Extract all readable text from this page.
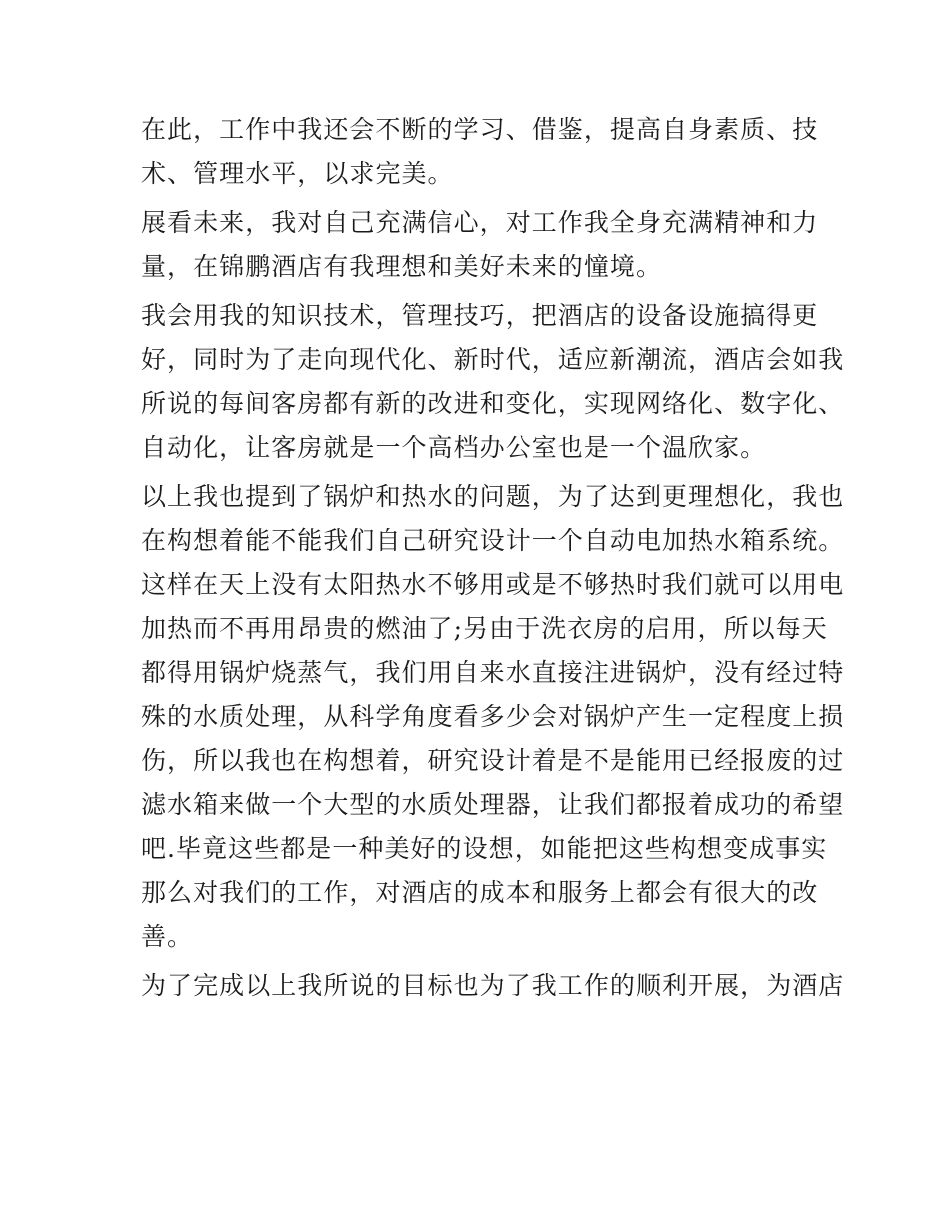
在此，工作中我还会不断的学习、借鉴，提高自身素质、技
术、管理水平，以求完美。
展看未来，我对自己充满信心，对工作我全身充满精神和力
量，在锦鹏酒店有我理想和美好未来的憧境。
我会用我的知识技术，管理技巧，把酒店的设备设施搞得更
好，同时为了走向现代化、新时代，适应新潮流，酒店会如我
所说的每间客房都有新的改进和变化，实现网络化、数字化、
自动化，让客房就是一个高档办公室也是一个温欣家。
以上我也提到了锅炉和热水的问题，为了达到更理想化，我也
在构想着能不能我们自己研究设计一个自动电加热水箱系统。
这样在天上没有太阳热水不够用或是不够热时我们就可以用电
加热而不再用昂贵的燃油了;另由于洗衣房的启用，所以每天
都得用锅炉烧蒸气，我们用自来水直接注进锅炉，没有经过特
殊的水质处理，从科学角度看多少会对锅炉产生一定程度上损
伤，所以我也在构想着，研究设计着是不是能用已经报废的过
滤水箱来做一个大型的水质处理器，让我们都报着成功的希望
吧.毕竟这些都是一种美好的设想，如能把这些构想变成事实
那么对我们的工作，对酒店的成本和服务上都会有很大的改
善。
为了完成以上我所说的目标也为了我工作的顺利开展，为酒店
